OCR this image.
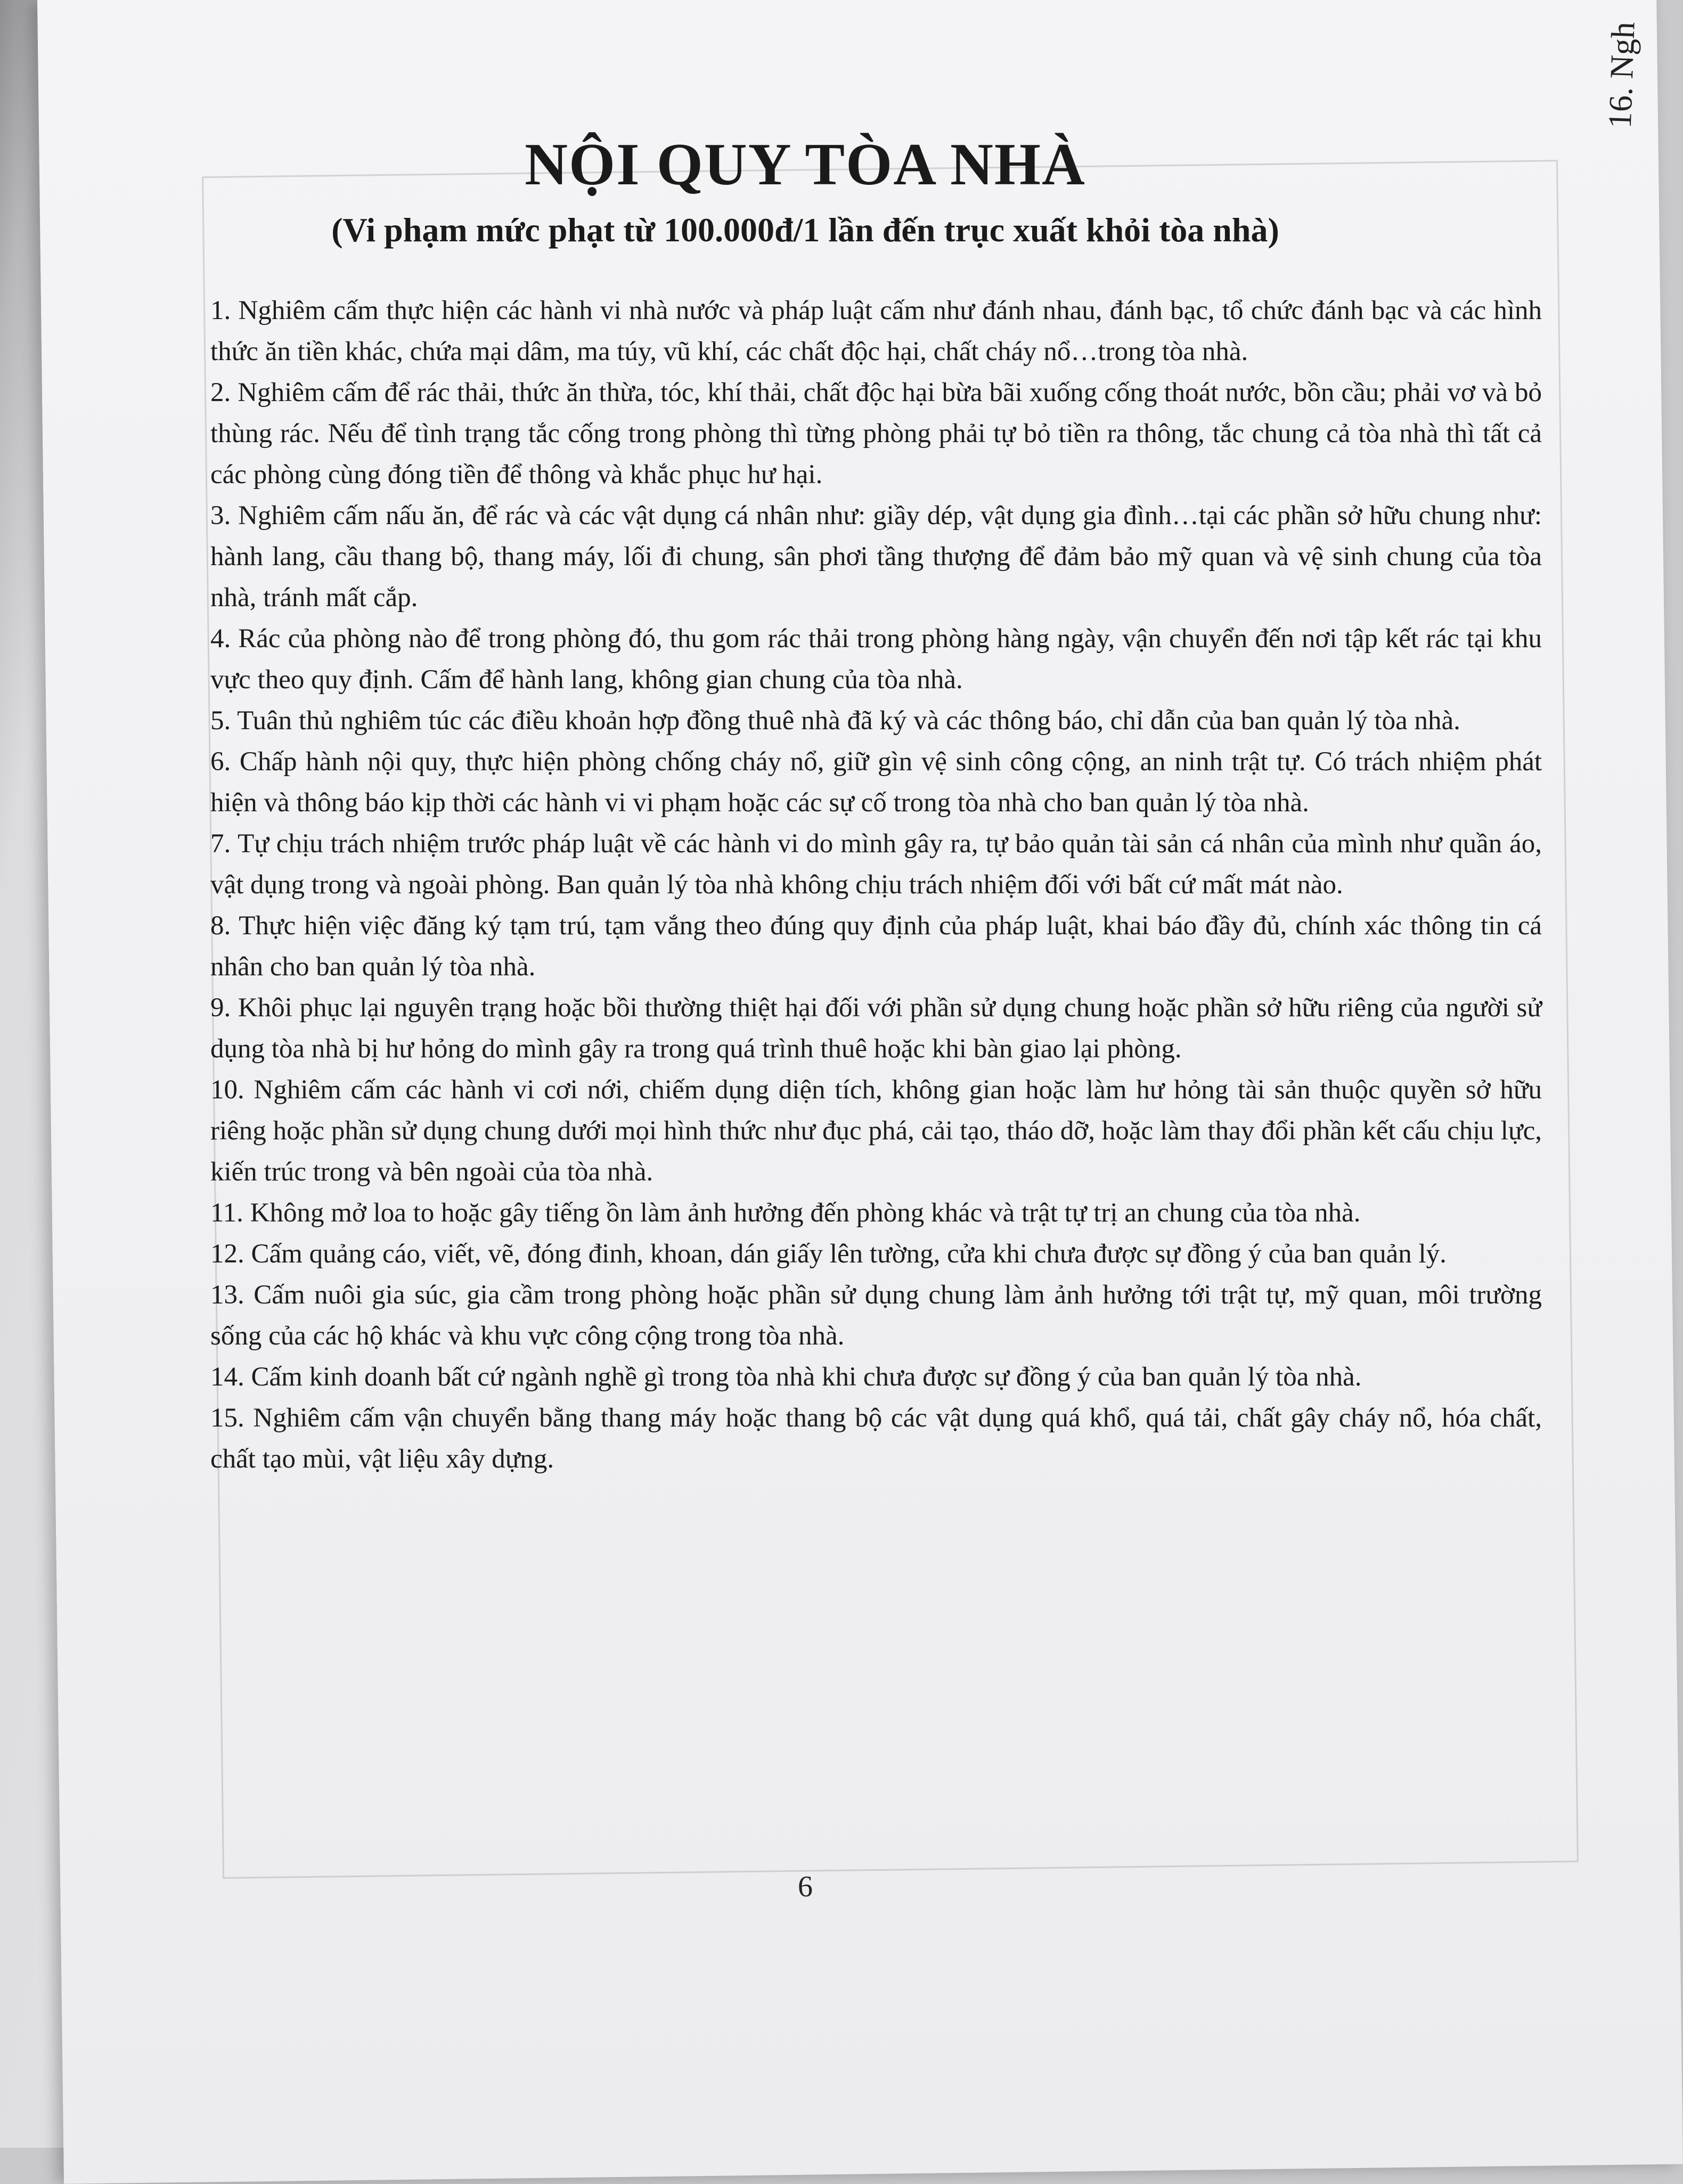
16. Ngh
NỘI QUY TÒA NHÀ
(Vi phạm mức phạt từ 100.000đ/1 lần đến trục xuất khỏi tòa nhà)
1. Nghiêm cấm thực hiện các hành vi nhà nước và pháp luật cấm như đánh nhau, đánh bạc, tổ chức đánh bạc và các hình thức ăn tiền khác, chứa mại dâm, ma túy, vũ khí, các chất độc hại, chất cháy nổ…trong tòa nhà.
2. Nghiêm cấm để rác thải, thức ăn thừa, tóc, khí thải, chất độc hại bừa bãi xuống cống thoát nước, bồn cầu; phải vơ và bỏ thùng rác. Nếu để tình trạng tắc cống trong phòng thì từng phòng phải tự bỏ tiền ra thông, tắc chung cả tòa nhà thì tất cả các phòng cùng đóng tiền để thông và khắc phục hư hại.
3. Nghiêm cấm nấu ăn, để rác và các vật dụng cá nhân như: giầy dép, vật dụng gia đình…tại các phần sở hữu chung như: hành lang, cầu thang bộ, thang máy, lối đi chung, sân phơi tầng thượng để đảm bảo mỹ quan và vệ sinh chung của tòa nhà, tránh mất cắp.
4. Rác của phòng nào để trong phòng đó, thu gom rác thải trong phòng hàng ngày, vận chuyển đến nơi tập kết rác tại khu vực theo quy định. Cấm để hành lang, không gian chung của tòa nhà.
5. Tuân thủ nghiêm túc các điều khoản hợp đồng thuê nhà đã ký và các thông báo, chỉ dẫn của ban quản lý tòa nhà.
6. Chấp hành nội quy, thực hiện phòng chống cháy nổ, giữ gìn vệ sinh công cộng, an ninh trật tự. Có trách nhiệm phát hiện và thông báo kịp thời các hành vi vi phạm hoặc các sự cố trong tòa nhà cho ban quản lý tòa nhà.
7. Tự chịu trách nhiệm trước pháp luật về các hành vi do mình gây ra, tự bảo quản tài sản cá nhân của mình như quần áo, vật dụng trong và ngoài phòng. Ban quản lý tòa nhà không chịu trách nhiệm đối với bất cứ mất mát nào.
8. Thực hiện việc đăng ký tạm trú, tạm vắng theo đúng quy định của pháp luật, khai báo đầy đủ, chính xác thông tin cá nhân cho ban quản lý tòa nhà.
9. Khôi phục lại nguyên trạng hoặc bồi thường thiệt hại đối với phần sử dụng chung hoặc phần sở hữu riêng của người sử dụng tòa nhà bị hư hỏng do mình gây ra trong quá trình thuê hoặc khi bàn giao lại phòng.
10. Nghiêm cấm các hành vi cơi nới, chiếm dụng diện tích, không gian hoặc làm hư hỏng tài sản thuộc quyền sở hữu riêng hoặc phần sử dụng chung dưới mọi hình thức như đục phá, cải tạo, tháo dỡ, hoặc làm thay đổi phần kết cấu chịu lực, kiến trúc trong và bên ngoài của tòa nhà.
11. Không mở loa to hoặc gây tiếng ồn làm ảnh hưởng đến phòng khác và trật tự trị an chung của tòa nhà.
12. Cấm quảng cáo, viết, vẽ, đóng đinh, khoan, dán giấy lên tường, cửa khi chưa được sự đồng ý của ban quản lý.
13. Cấm nuôi gia súc, gia cầm trong phòng hoặc phần sử dụng chung làm ảnh hưởng tới trật tự, mỹ quan, môi trường sống của các hộ khác và khu vực công cộng trong tòa nhà.
14. Cấm kinh doanh bất cứ ngành nghề gì trong tòa nhà khi chưa được sự đồng ý của ban quản lý tòa nhà.
15. Nghiêm cấm vận chuyển bằng thang máy hoặc thang bộ các vật dụng quá khổ, quá tải, chất gây cháy nổ, hóa chất, chất tạo mùi, vật liệu xây dựng.
6
